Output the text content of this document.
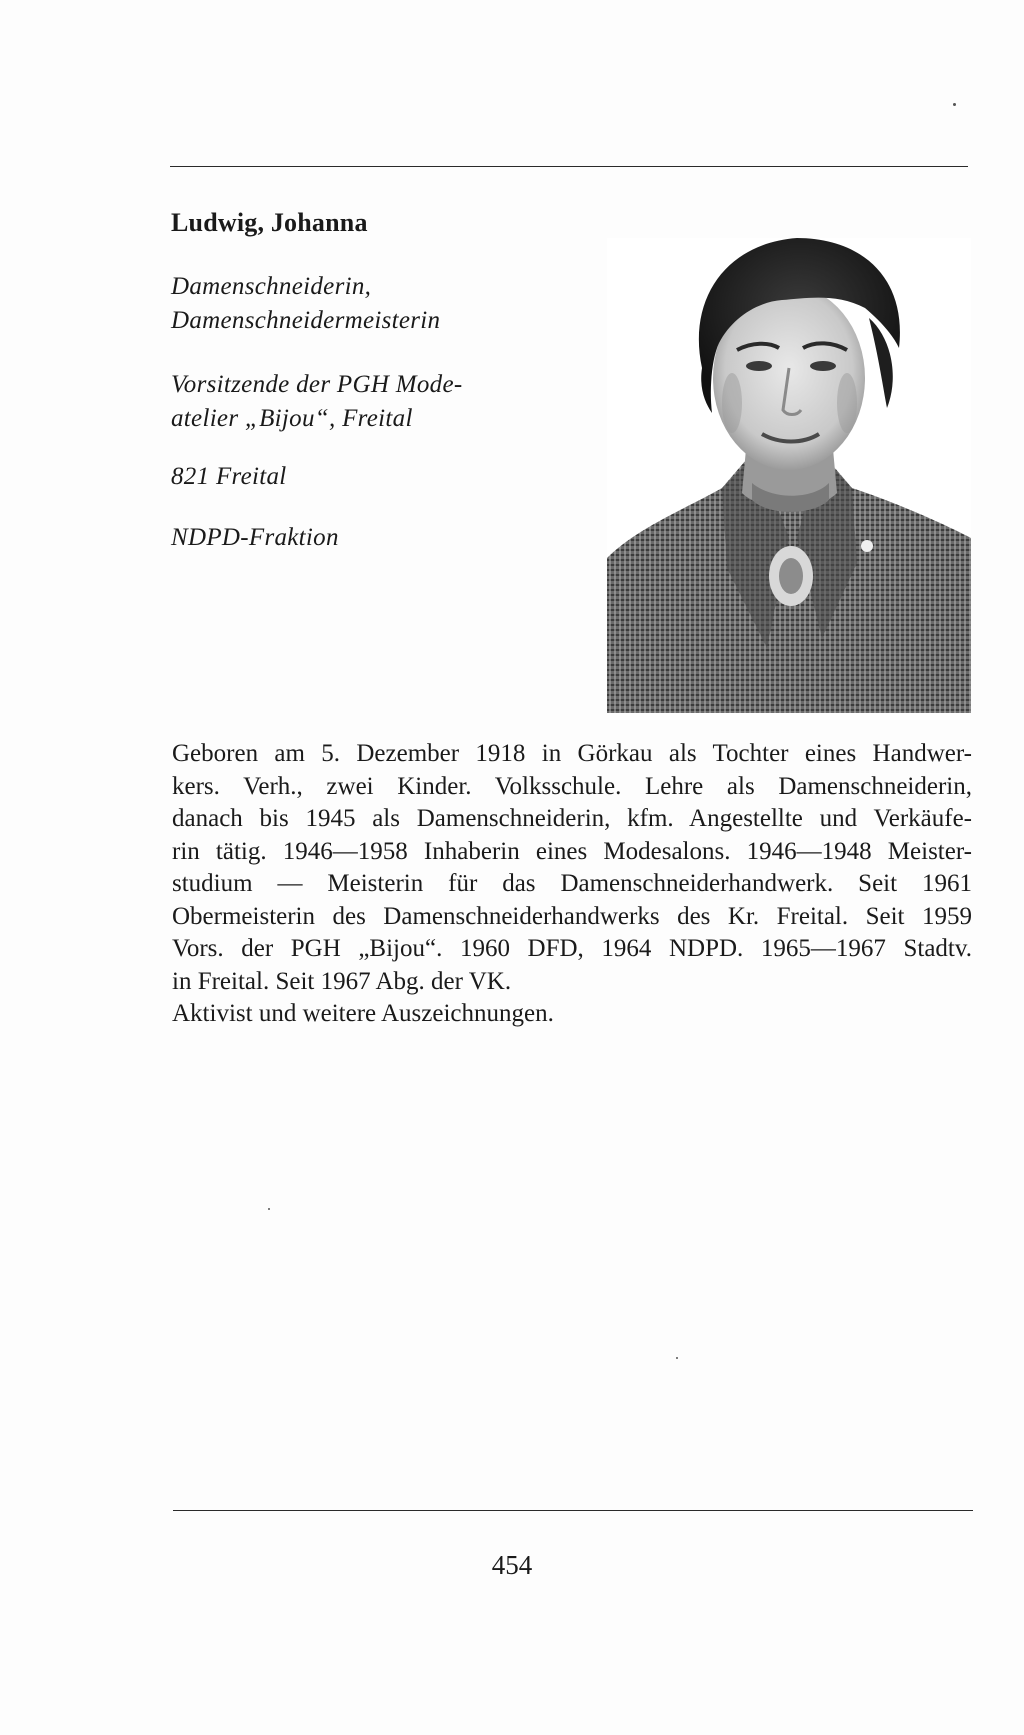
Ludwig, Johanna
Damenschneiderin,
Damenschneidermeisterin
Vorsitzende der PGH Mode-
atelier „Bijou“, Freital
821 Freital
NDPD-Fraktion
Geboren am 5. Dezember 1918 in Görkau als Tochter eines Handwer-
kers. Verh., zwei Kinder. Volksschule. Lehre als Damenschneiderin,
danach bis 1945 als Damenschneiderin, kfm. Angestellte und Verkäufe-
rin tätig. 1946—1958 Inhaberin eines Modesalons. 1946—1948 Meister-
studium — Meisterin für das Damenschneiderhandwerk. Seit 1961
Obermeisterin des Damenschneiderhandwerks des Kr. Freital. Seit 1959
Vors. der PGH „Bijou“. 1960 DFD, 1964 NDPD. 1965—1967 Stadtv.
in Freital. Seit 1967 Abg. der VK.
Aktivist und weitere Auszeichnungen.
454
